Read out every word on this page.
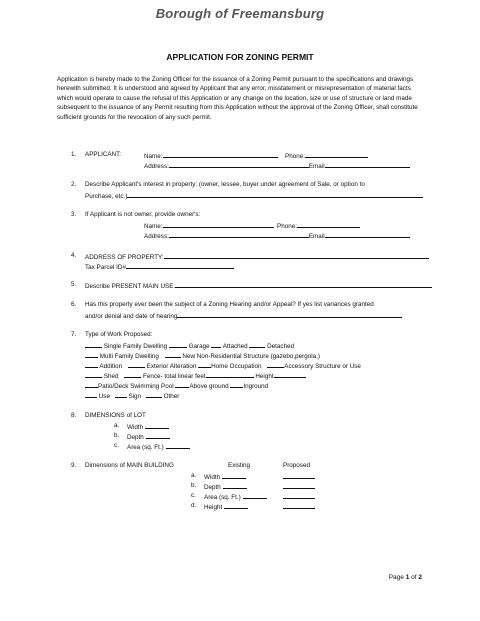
Borough of Freemansburg
APPLICATION FOR ZONING PERMIT
Application is hereby made to the Zoning Officer for the issuance of a Zoning Permit pursuant to the specifications and drawings herewith submitted. It is understood and agreed by Applicant that any error, misstatement or misrepresentation of material facts which would operate to cause the refusal of this Application or any change on the location, size or use of structure or land made subsequent to the issuance of any Permit resulting from this Application without the approval of the Zoning Officer, shall constitute sufficient grounds for the revocation of any such permit.
1. APPLICANT:	Name:	Phone:
Address:	Email
2. Describe Applicant's interest in property: (owner, lessee, buyer under agreement of Sale, or option to
Purchase, etc.)
3. If Applicant is not owner, provide owner's:
Name:	Phone:
Address:	Email
4. ADDRESS OF PROPERTY:
Tax Parcel ID#
5. Describe PRESENT MAIN USE:
6. Has this property ever been the subject of a Zoning Hearing and/or Appeal? If yes list variances granted
and/or denial and date of hearing
7. Type of Work Proposed:
Single Family Dwelling	Garage Attached	Detached
Multi Family Dwelling	New Non-Residential Structure (gazebo,pergola,)
Addition	Exterior Alteration Home Occupation	Accessory Structure or Use
Shed	Fence- total linear feet	Height
Patio/Deck Swimming Pool	Above ground Inground
Use	Sign	Other
8. DIMENSIONS of LOT
a. Width
b. Depth
c. Area (sq. Ft.)
9. Dimensions of MAIN BUILDING	Existing	Proposed
a. Width
b. Depth
c. Area (sq. Ft.)
d. Height
Page 1 of 2
